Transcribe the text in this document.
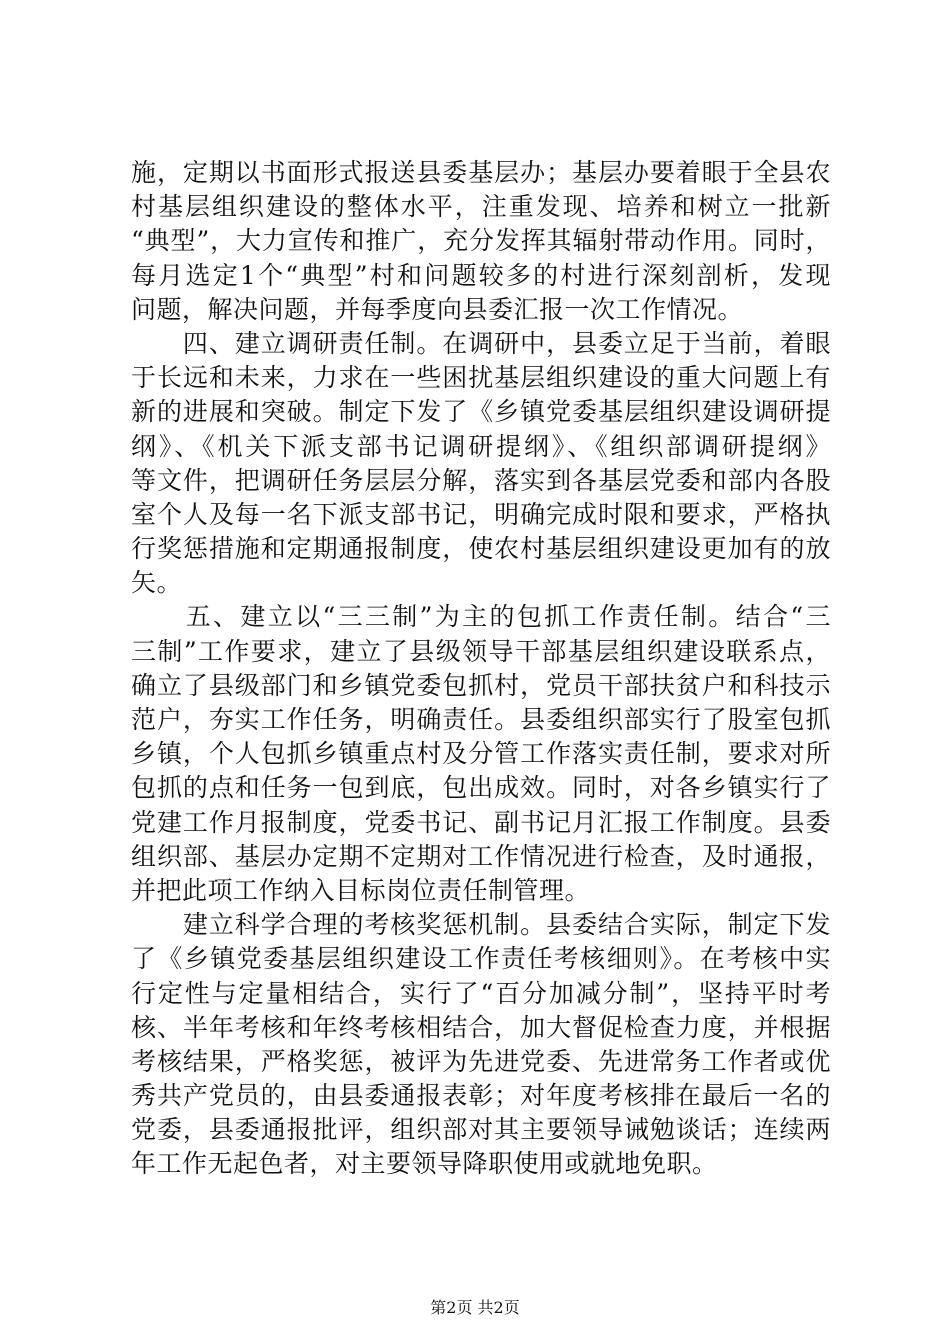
施，定期以书面形式报送县委基层办；基层办要着眼于全县农
村基层组织建设的整体水平，注重发现、培养和树立一批新
“典型”，大力宣传和推广，充分发挥其辐射带动作用。同时，
每月选定1个“典型”村和问题较多的村进行深刻剖析，发现
问题，解决问题，并每季度向县委汇报一次工作情况。
　　四、建立调研责任制。在调研中，县委立足于当前，着眼
于长远和未来，力求在一些困扰基层组织建设的重大问题上有
新的进展和突破。制定下发了《乡镇党委基层组织建设调研提
纲》、《机关下派支部书记调研提纲》、《组织部调研提纲》
等文件，把调研任务层层分解，落实到各基层党委和部内各股
室个人及每一名下派支部书记，明确完成时限和要求，严格执
行奖惩措施和定期通报制度，使农村基层组织建设更加有的放
矢。
　　五、建立以“三三制”为主的包抓工作责任制。结合“三
三制”工作要求，建立了县级领导干部基层组织建设联系点，
确立了县级部门和乡镇党委包抓村，党员干部扶贫户和科技示
范户，夯实工作任务，明确责任。县委组织部实行了股室包抓
乡镇，个人包抓乡镇重点村及分管工作落实责任制，要求对所
包抓的点和任务一包到底，包出成效。同时，对各乡镇实行了
党建工作月报制度，党委书记、副书记月汇报工作制度。县委
组织部、基层办定期不定期对工作情况进行检查，及时通报，
并把此项工作纳入目标岗位责任制管理。
　　建立科学合理的考核奖惩机制。县委结合实际，制定下发
了《乡镇党委基层组织建设工作责任考核细则》。在考核中实
行定性与定量相结合，实行了“百分加减分制”，坚持平时考
核、半年考核和年终考核相结合，加大督促检查力度，并根据
考核结果，严格奖惩，被评为先进党委、先进常务工作者或优
秀共产党员的，由县委通报表彰；对年度考核排在最后一名的
党委，县委通报批评，组织部对其主要领导诫勉谈话；连续两
年工作无起色者，对主要领导降职使用或就地免职。
第2页 共2页
